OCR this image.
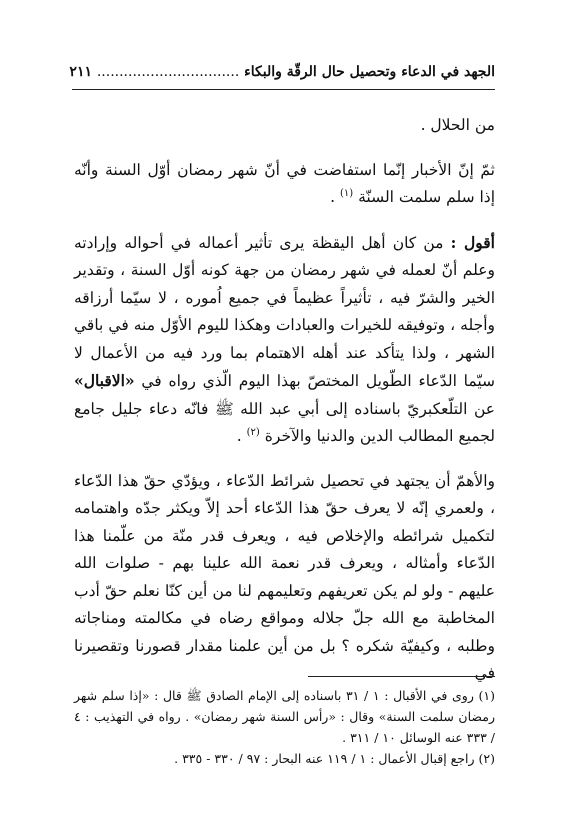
الجهد في الدعاء وتحصيل حال الرقّة والبكاء ................................ ٢١١

من الحلال .

ثمّ إنّ الأخبار إنّما استفاضت في أنّ شهر رمضان أوّل السنة وأنّه إذا سلم سلمت السنّة $^{(١)}$ .

أقول : من كان أهل اليقظة يرى تأثير أعماله في أحواله وإرادته وعلم أنّ لعمله في شهر رمضان من جهة كونه أوّل السنة ، وتقدير الخير والشرّ فيه ، تأثيراً عظيماً في جميع اُموره ، لا سيّما أرزاقه وأجله ، وتوفيقه للخيرات والعبادات وهكذا لليوم الأوّل منه في باقي الشهر ، ولذا يتأكد عند أهله الاهتمام بما ورد فيه من الأعمال لا سيّما الدّعاء الطّويل المختصّ بهذا اليوم الّذي رواه في «الاقبال» عن التلّعكبريّ باسناده إلى أبي عبد الله ﷺ فانّه دعاء جليل جامع لجميع المطالب الدين والدنيا والآخرة $^{(٢)}$ .

والأهمّ أن يجتهد في تحصيل شرائط الدّعاء ، ويؤدّي حقّ هذا الدّعاء ، ولعمري إنّه لا يعرف حقّ هذا الدّعاء أحد إلاّ ويكثر جدّه واهتمامه لتكميل شرائطه والإخلاص فيه ، ويعرف قدر منّة من علّمنا هذا الدّعاء وأمثاله ، ويعرف قدر نعمة الله علينا بهم - صلوات الله عليهم - ولو لم يكن تعريفهم وتعليمهم لنا من أين كنّا نعلم حقّ أدب المخاطبة مع الله جلّ جلاله ومواقع رضاه في مكالمته ومناجاته وطلبه ، وكيفيّة شكره ؟ بل من أين علمنا مقدار قصورنا وتقصيرنا في

(١) روى في الأقبال : ١ / ٣١ باسناده إلى الإمام الصادق ﷺ قال : «إذا سلم شهر رمضان سلمت السنة» وقال : «رأس السنة شهر رمضان» . رواه في التهذيب : ٤ / ٣٣٣ عنه الوسائل ١٠ / ٣١١ .

(٢) راجع إقبال الأعمال : ١ / ١١٩ عنه البحار : ٩٧ / ٣٣٠ - ٣٣٥ .
